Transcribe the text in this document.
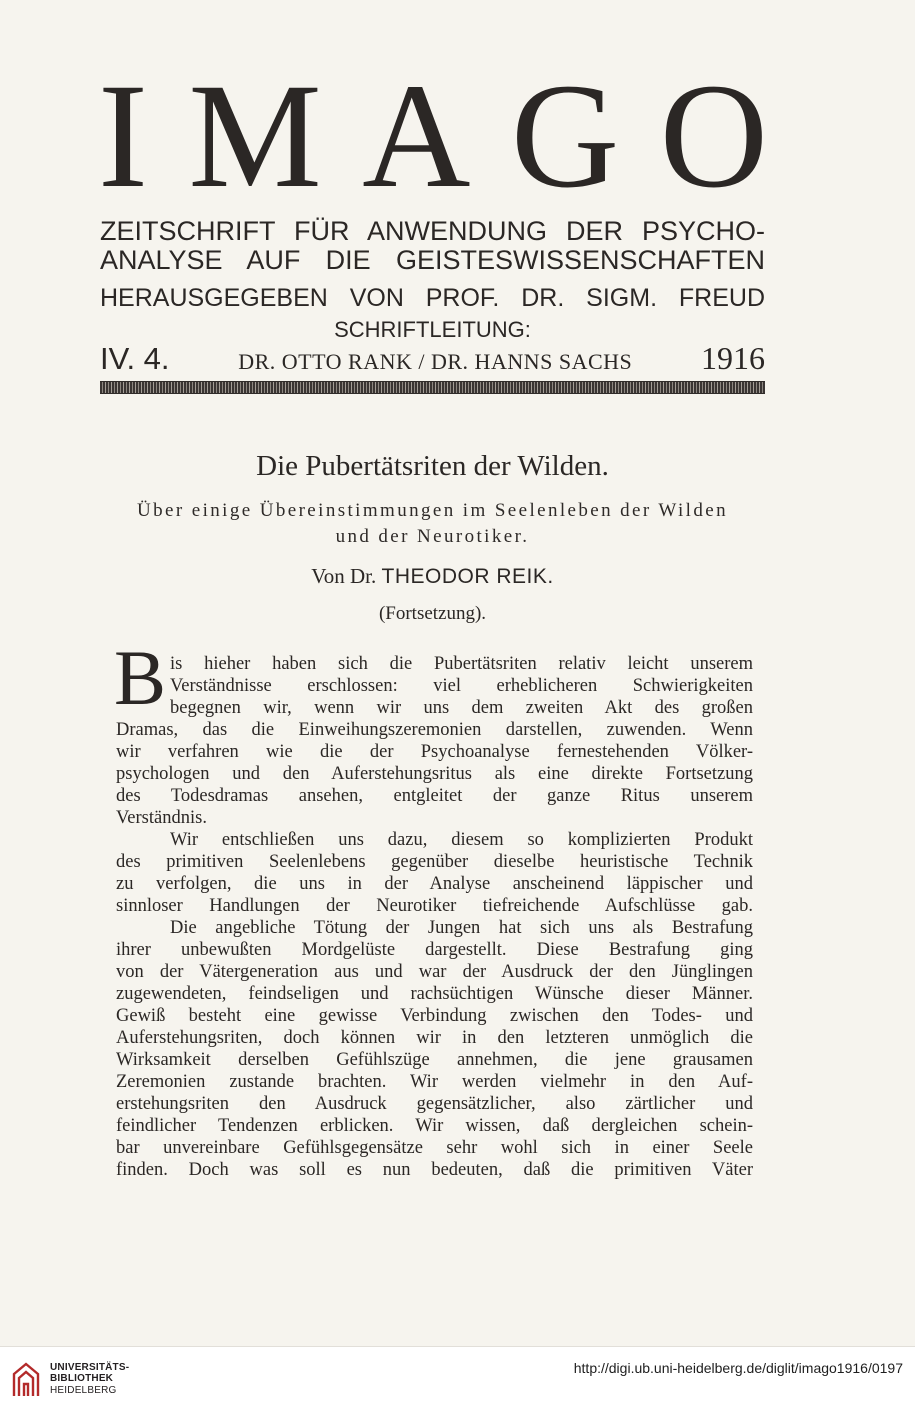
I M A G O
ZEITSCHRIFT FÜR ANWENDUNG DER PSYCHO-
ANALYSE AUF DIE GEISTESWISSENSCHAFTEN
HERAUSGEGEBEN VON PROF. DR. SIGM. FREUD
SCHRIFTLEITUNG:
IV. 4.	DR. OTTO RANK / DR. HANNS SACHS 1916
Die Pubertätsriten der Wilden.
Über einige Übereinstimmungen im Seelenleben der Wilden
und der Neurotiker.
Von Dr. THEODOR REIK.
(Fortsetzung).
B is hieher haben sich die Pubertätsriten relativ leicht unserem
Verständnisse erschlossen: viel erheblicheren Schwierigkeiten
begegnen wir, wenn wir uns dem zweiten Akt des großen
Dramas, das die Einweihungszeremonien darstellen, zuwenden. Wenn
wir verfahren wie die der Psychoanalyse fernestehenden Völker-
psychologen und den Auferstehungsritus als eine direkte Fortsetzung
des Todesdramas ansehen, entgleitet der ganze Ritus unserem
Verständnis.
Wir entschließen uns dazu, diesem so komplizierten Produkt
des primitiven Seelenlebens gegenüber dieselbe heuristische Technik
zu verfolgen, die uns in der Analyse anscheinend läppischer und
sinnloser Handlungen der Neurotiker tiefreichende Aufschlüsse gab.
Die angebliche Tötung der Jungen hat sich uns als Bestrafung
ihrer unbewußten Mordgelüste dargestellt. Diese Bestrafung ging
von der Vätergeneration aus und war der Ausdruck der den Jünglingen
zugewendeten, feindseligen und rachsüchtigen Wünsche dieser Männer.
Gewiß besteht eine gewisse Verbindung zwischen den Todes- und
Auferstehungsriten, doch können wir in den letzteren unmöglich die
Wirksamkeit derselben Gefühlszüge annehmen, die jene grausamen
Zeremonien zustande brachten. Wir werden vielmehr in den Auf-
erstehungsriten den Ausdruck gegensätzlicher, also zärtlicher und
feindlicher Tendenzen erblicken. Wir wissen, daß dergleichen schein-
bar unvereinbare Gefühlsgegensätze sehr wohl sich in einer Seele
finden. Doch was soll es nun bedeuten, daß die primitiven Väter
UNIVERSITÄTS-
BIBLIOTHEK
HEIDELBERG
http://digi.ub.uni-heidelberg.de/diglit/imago1916/0197
